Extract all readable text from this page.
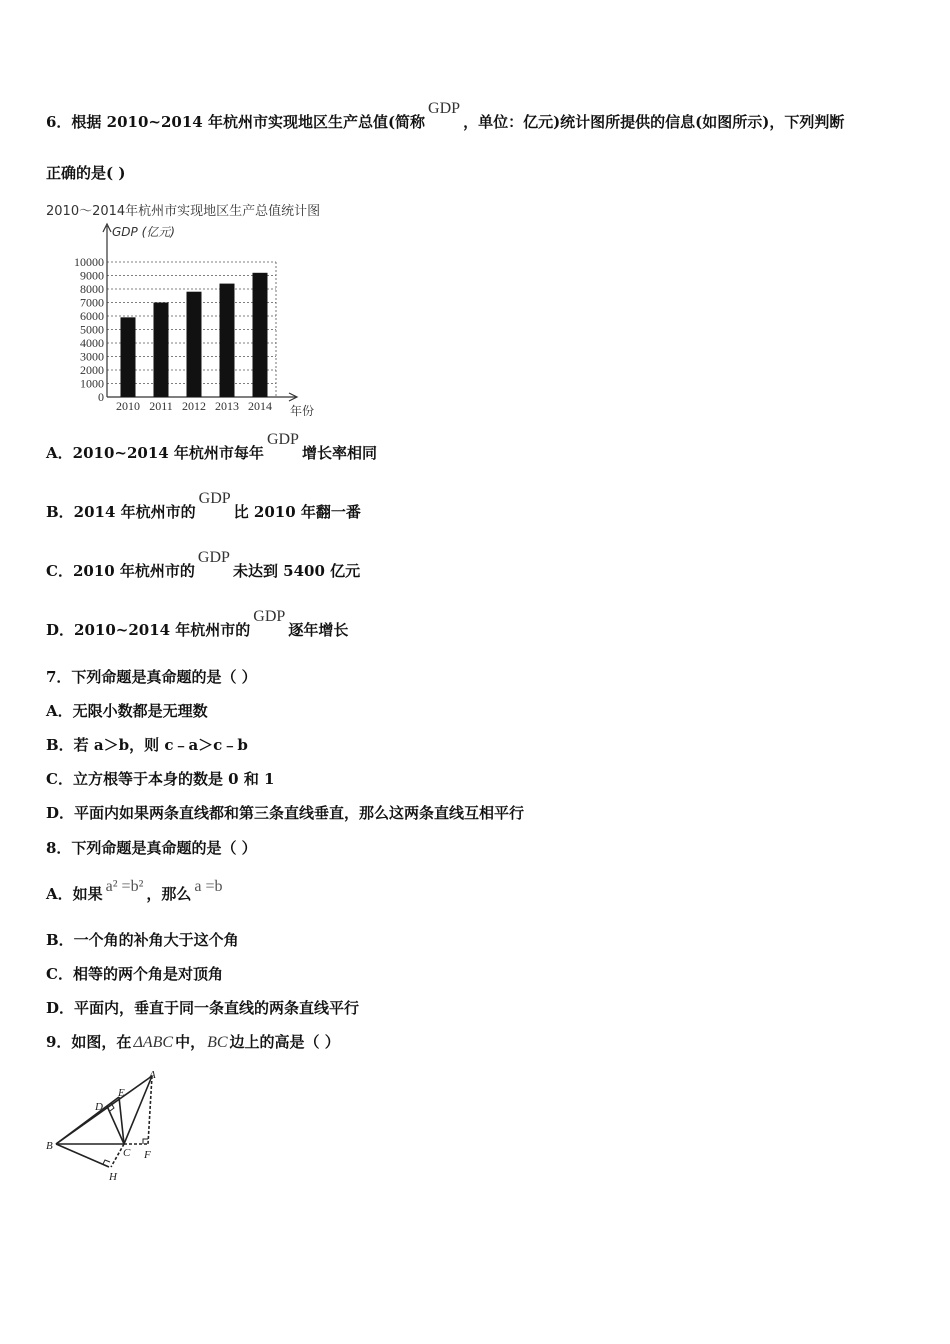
6．根据 2010~2014 年杭州市实现地区生产总值(简称GDP，单位：亿元)统计图所提供的信息(如图所示)，下列判断
正确的是( )
2010～2014年杭州市实现地区生产总值统计图
GDP (亿元)
0
1000
2000
3000
4000
5000
6000
7000
8000
9000
10000
年份
2010 2011 2012 2013 2014
A．2010~2014 年杭州市每年GDP增长率相同
B．2014 年杭州市的GDP比 2010 年翻一番
C．2010 年杭州市的GDP未达到 5400 亿元
D．2010~2014 年杭州市的GDP逐年增长
7．下列命题是真命题的是（ ）
A．无限小数都是无理数
B．若 a＞b，则 c﹣a＞c﹣b
C．立方根等于本身的数是 0 和 1
D．平面内如果两条直线都和第三条直线垂直，那么这两条直线互相平行
8．下列命题是真命题的是（ ）
A．如果 a² =b² ，那么 a =b
B．一个角的补角大于这个角
C．相等的两个角是对顶角
D．平面内，垂直于同一条直线的两条直线平行
9．如图，在 ΔABC 中， BC 边上的高是（ ）
A
B
C
D
E
F
H
